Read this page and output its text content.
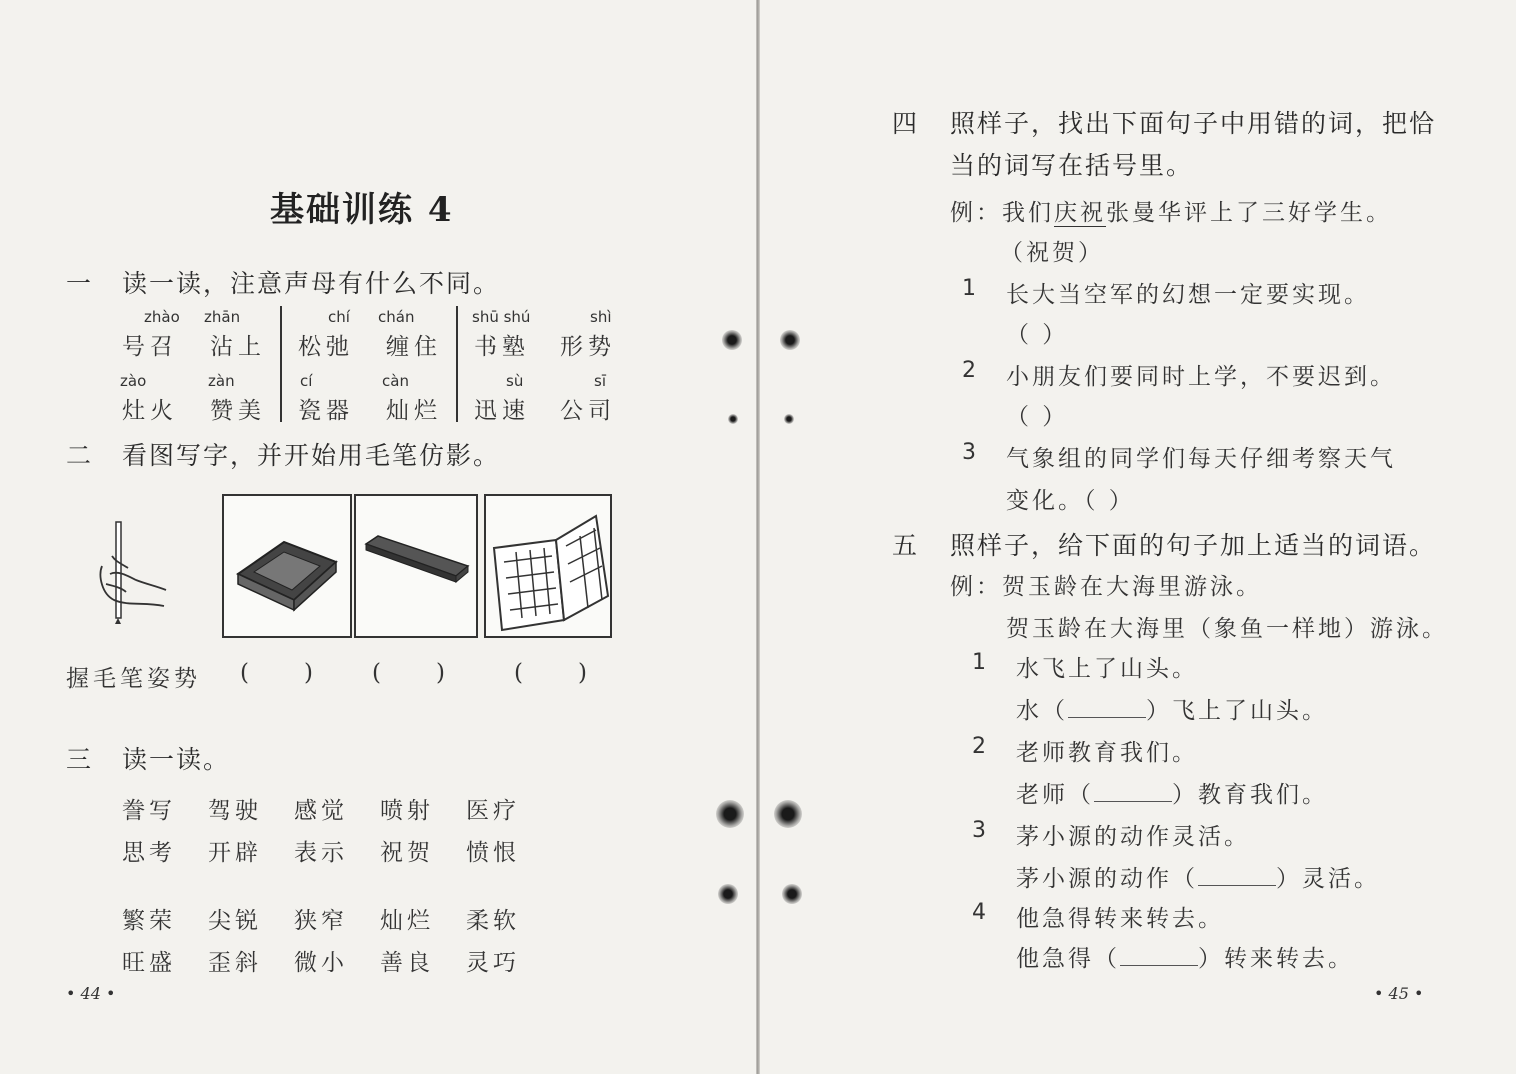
基础训练 4
一 读一读，注意声母有什么不同。
zhào zhān	chí chán	shū shú	shì
号召 沾上 松弛 缠住 书塾 形势
zào	zàn	cí	càn	sù	sī
灶火 赞美 瓷器 灿烂 迅速 公司
二 看图写字，并开始用毛笔仿影。
握毛笔姿势 ( ) ( )	( )
三 读一读。
誊写 驾驶 感觉 喷射 医疗
思考 开辟 表示 祝贺 愤恨
繁荣 尖锐 狭窄 灿烂 柔软
旺盛 歪斜 微小 善良 灵巧
• 44 •
四 照样子，找出下面句子中用错的词，把恰
当的词写在括号里。
例：我们庆祝张曼华评上了三好学生。
（祝贺）
1 长大当空军的幻想一定要实现。
（ ）
2 小朋友们要同时上学，不要迟到。
（ ）
3 气象组的同学们每天仔细考察天气
变化。（ ）
五 照样子，给下面的句子加上适当的词语。
例：贺玉龄在大海里游泳。
贺玉龄在大海里（象鱼一样地）游泳。
1 水飞上了山头。
水（	）飞上了山头。
2 老师教育我们。
老师（	）教育我们。
3 茅小源的动作灵活。
茅小源的动作（	）灵活。
4 他急得转来转去。
他急得（	）转来转去。
• 45 •
